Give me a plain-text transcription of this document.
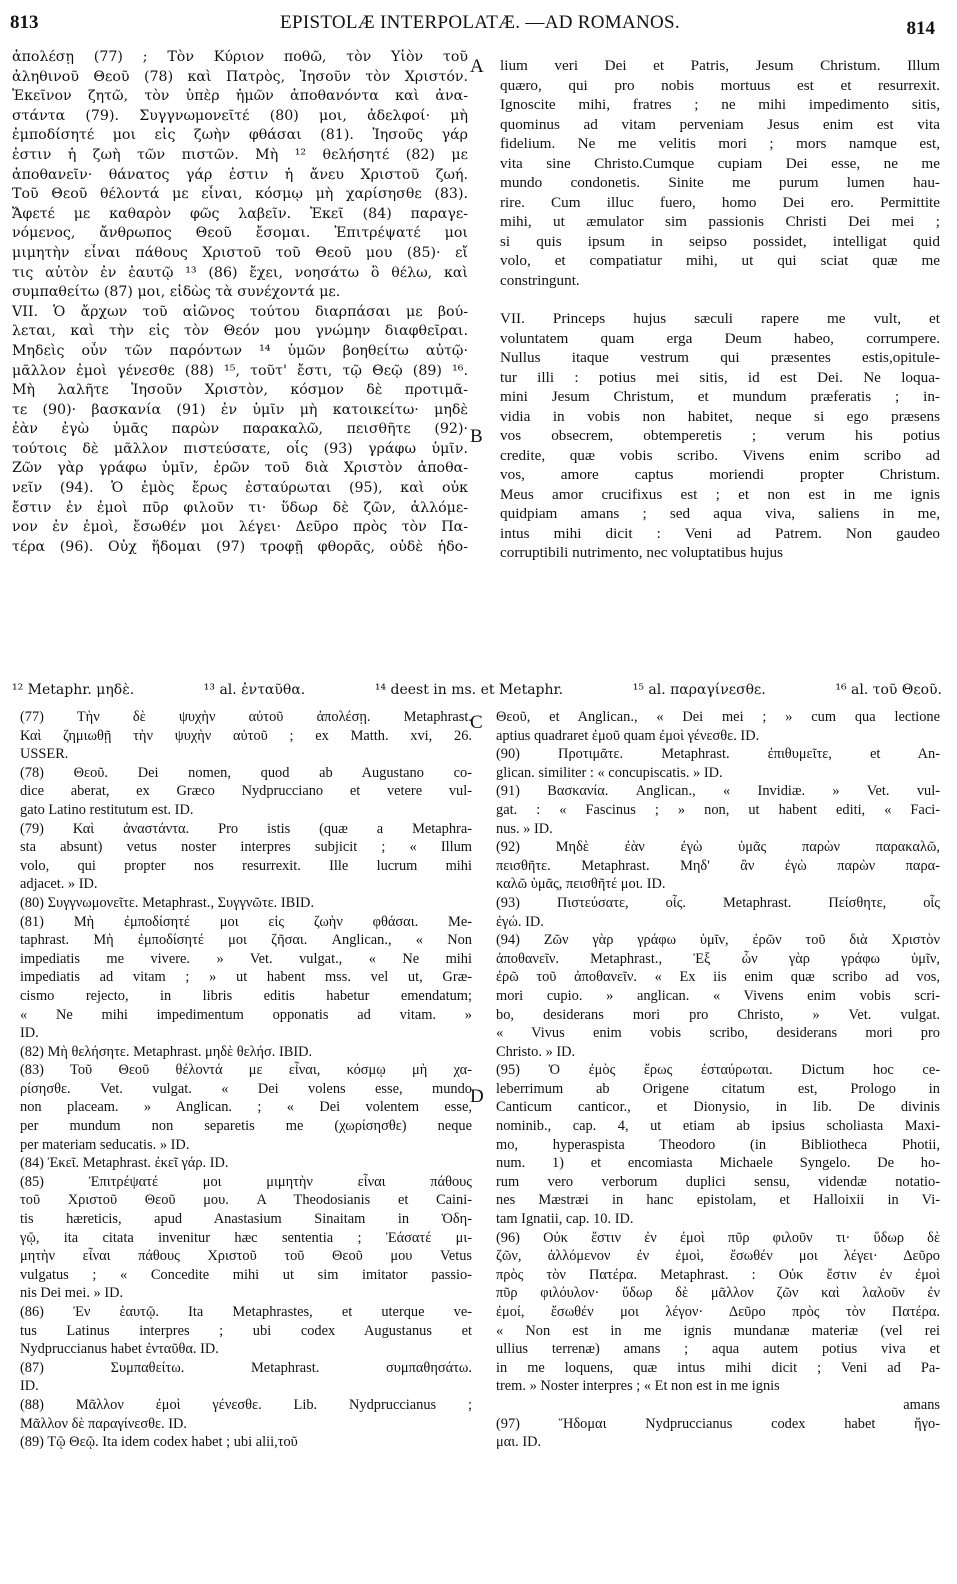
813	EPISTOLÆ INTERPOLATÆ. —AD ROMANOS.	814
ἀπολέσῃ (77) ; Τὸν Κύριον ποθῶ, τὸν Υἱὸν τοῦ
ἀληθινοῦ Θεοῦ (78) καὶ Πατρὸς, Ἰησοῦν τὸν Χριστόν.
Ἐκεῖνον ζητῶ, τὸν ὑπὲρ ἡμῶν ἀποθανόντα καὶ ἀνα-
στάντα (79). Συγγνωμονεῖτέ (80) μοι, ἀδελφοί· μὴ
ἐμποδίσητέ μοι εἰς ζωὴν φθάσαι (81). Ἰησοῦς γάρ
ἐστιν ἡ ζωὴ τῶν πιστῶν. Μὴ ¹² θελήσητέ (82) με
ἀποθανεῖν· θάνατος γάρ ἐστιν ἡ ἄνευ Χριστοῦ ζωή.
Τοῦ Θεοῦ θέλοντά με εἶναι, κόσμῳ μὴ χαρίσησθε (83).
Ἄφετέ με καθαρὸν φῶς λαβεῖν. Ἐκεῖ (84) παραγε-
νόμενος, ἄνθρωπος Θεοῦ ἔσομαι. Ἐπιτρέψατέ μοι
μιμητὴν εἶναι πάθους Χριστοῦ τοῦ Θεοῦ μου (85)· εἴ
τις αὐτὸν ἐν ἑαυτῷ ¹³ (86) ἔχει, νοησάτω ὃ θέλω, καὶ
συμπαθείτω (87) μοι, εἰδὼς τὰ συνέχοντά με.
VII. Ὁ ἄρχων τοῦ αἰῶνος τούτου διαρπάσαι με βού-
λεται, καὶ τὴν εἰς τὸν Θεόν μου γνώμην διαφθεῖραι.
Μηδεὶς οὖν τῶν παρόντων ¹⁴ ὑμῶν βοηθείτω αὐτῷ·
μᾶλλον ἐμοὶ γένεσθε (88) ¹⁵, τοῦτ' ἔστι, τῷ Θεῷ (89) ¹⁶.
Μὴ λαλῆτε Ἰησοῦν Χριστὸν, κόσμον δὲ προτιμᾶ-
τε (90)· βασκανία (91) ἐν ὑμῖν μὴ κατοικείτω· μηδὲ
ἐὰν ἐγὼ ὑμᾶς παρὼν παρακαλῶ, πεισθῆτε (92)·
τούτοις δὲ μᾶλλον πιστεύσατε, οἷς (93) γράφω ὑμῖν.
Ζῶν γὰρ γράφω ὑμῖν, ἐρῶν τοῦ διὰ Χριστὸν ἀποθα-
νεῖν (94). Ὁ ἐμὸς ἔρως ἐσταύρωται (95), καὶ οὐκ
ἔστιν ἐν ἐμοὶ πῦρ φιλοῦν τι· ὕδωρ δὲ ζῶν, ἁλλόμε-
νον ἐν ἐμοὶ, ἔσωθέν μοι λέγει· Δεῦρο πρὸς τὸν Πα-
τέρα (96). Οὐχ ἥδομαι (97) τροφῇ φθορᾶς, οὐδὲ ἡδο-
lium veri Dei et Patris, Jesum Christum. Illum
quæro, qui pro nobis mortuus est et resurrexit.
Ignoscite mihi, fratres ; ne mihi impedimento sitis,
quominus ad vitam perveniam Jesus enim est vita
fidelium. Ne me velitis mori ; mors namque est,
vita sine Christo.Cumque cupiam Dei esse, ne me
mundo condonetis. Sinite me purum lumen hau-
rire. Cum illuc fuero, homo Dei ero. Permittite
mihi, ut æmulator sim passionis Christi Dei mei ;
si quis ipsum in seipso possidet, intelligat quid
volo, et compatiatur mihi, ut qui sciat quæ me
constringunt.

VII. Princeps hujus sæculi rapere me vult, et
voluntatem quam erga Deum habeo, corrumpere.
Nullus itaque vestrum qui præsentes estis,opitule-
tur illi : potius mei sitis, id est Dei. Ne loqua-
mini Jesum Christum, et mundum præferatis ; in-
vidia in vobis non habitet, neque si ego præsens
vos obsecrem, obtemperetis ; verum his potius
credite, quæ vobis scribo. Vivens enim scribo ad
vos, amore captus moriendi propter Christum.
Meus amor crucifixus est ; et non est in me ignis
quidpiam amans ; sed aqua viva, saliens in me,
intus mihi dicit : Veni ad Patrem. Non gaudeo
corruptibili nutrimento, nec voluptatibus hujus
A
B
C
D
¹² Metaphr. μηδὲ.	¹³ al. ἐνταῦθα.	¹⁴ deest in ms. et Metaphr.	¹⁵ al. παραγίνεσθε.	¹⁶ al. τοῦ Θεοῦ.
(77) Τὴν δὲ ψυχὴν αὐτοῦ ἀπολέσῃ. Metaphrast.
Καὶ ζημιωθῇ τὴν ψυχὴν αὐτοῦ ; ex Matth. xvi, 26.
USSER.
(78) Θεοῦ. Dei nomen, quod ab Augustano co-
dice aberat, ex Græco Nydprucciano et vetere vul-
gato Latino restitutum est. ID.
(79) Καὶ ἀναστάντα. Pro istis (quæ a Metaphra-
sta absunt) vetus noster interpres subjicit ; « Illum
volo, qui propter nos resurrexit. Ille lucrum mihi
adjacet. » ID.
(80) Συγγνωμονεῖτε. Metaphrast., Συγγνῶτε. IBID.
(81) Μὴ ἐμποδίσητέ μοι εἰς ζωὴν φθάσαι. Me-
taphrast. Μὴ ἐμποδίσητέ μοι ζῆσαι. Anglican., « Non
impediatis me vivere. » Vet. vulgat., « Ne mihi
impediatis ad vitam ; » ut habent mss. vel ut, Græ-
cismo rejecto, in libris editis habetur emendatum;
« Ne mihi impedimentum opponatis ad vitam. »
ID.
(82) Μὴ θελήσητε. Metaphrast. μηδὲ θελήσ. IBID.
(83) Τοῦ Θεοῦ θέλοντά με εἶναι, κόσμῳ μὴ χα-
ρίσησθε. Vet. vulgat. « Dei volens esse, mundo
non placeam. » Anglican. ; « Dei volentem esse,
per mundum non separetis me (χωρίσησθε) neque
per materiam seducatis. » ID.
(84) Ἐκεῖ. Metaphrast. ἐκεῖ γάρ. ID.
(85) Ἐπιτρέψατέ μοι μιμητὴν εἶναι πάθους
τοῦ Χριστοῦ Θεοῦ μου. A Theodosianis et Caini-
tis hæreticis, apud Anastasium Sinaitam in Ὁδη-
γῷ, ita citata invenitur hæc sententia ; Ἐάσατέ μι-
μητὴν εἶναι πάθους Χριστοῦ τοῦ Θεοῦ μου Vetus
vulgatus ; « Concedite mihi ut sim imitator passio-
nis Dei mei. » ID.
(86) Ἐν ἑαυτῷ. Ita Metaphrastes, et uterque ve-
tus Latinus interpres ; ubi codex Augustanus et
Nydpruccianus habet ἐνταῦθα. ID.
(87) Συμπαθείτω. Metaphrast. συμπαθησάτω.
ID.
(88) Μᾶλλον ἐμοὶ γένεσθε. Lib. Nydpruccianus ;
Μᾶλλον δὲ παραγίνεσθε. ID.
(89) Τῷ Θεῷ. Ita idem codex habet ; ubi alii,τοῦ
Θεοῦ, et Anglican., « Dei mei ; » cum qua lectione
aptius quadraret ἐμοῦ quam ἐμοὶ γένεσθε. ID.
(90) Προτιμᾶτε. Metaphrast. ἐπιθυμεῖτε, et An-
glican. similiter : « concupiscatis. » ID.
(91) Βασκανία. Anglican., « Invidiæ. » Vet. vul-
gat. : « Fascinus ; » non, ut habent editi, « Faci-
nus. » ID.
(92) Μηδὲ ἐὰν ἐγὼ ὑμᾶς παρὼν παρακαλῶ,
πεισθῆτε. Metaphrast. Μηδ' ἂν ἐγὼ παρὼν παρα-
καλῶ ὑμᾶς, πεισθῆτέ μοι. ID.
(93) Πιστεύσατε, οἷς. Metaphrast. Πείσθητε, οἷς
ἐγώ. ID.
(94) Ζῶν γὰρ γράφω ὑμῖν, ἐρῶν τοῦ διὰ Χριστὸν
ἀποθανεῖν. Metaphrast., Ἐξ ὧν γὰρ γράφω ὑμῖν,
ἐρῶ τοῦ ἀποθανεῖν. « Ex iis enim quæ scribo ad vos,
mori cupio. » anglican. « Vivens enim vobis scri-
bo, desiderans mori pro Christo, » Vet. vulgat.
« Vivus enim vobis scribo, desiderans mori pro
Christo. » ID.
(95) Ὁ ἐμὸς ἔρως ἐσταύρωται. Dictum hoc ce-
leberrimum ab Origene citatum est, Prologo in
Canticum canticor., et Dionysio, in lib. De divinis
nominib., cap. 4, ut etiam ab ipsius scholiasta Maxi-
mo, hyperaspista Theodoro (in Bibliotheca Photii,
num. 1) et encomiasta Michaele Syngelo. De ho-
rum vero verborum duplici sensu, videndæ notatio-
nes Mæstræi in hanc epistolam, et Halloixii in Vi-
tam Ignatii, cap. 10. ID.
(96) Οὐκ ἔστιν ἐν ἐμοὶ πῦρ φιλοῦν τι· ὕδωρ δὲ
ζῶν, ἁλλόμενον ἐν ἐμοὶ, ἔσωθέν μοι λέγει· Δεῦρο
πρὸς τὸν Πατέρα. Metaphrast. : Οὐκ ἔστιν ἐν ἐμοὶ
πῦρ φιλόυλον· ὕδωρ δὲ μᾶλλον ζῶν καὶ λαλοῦν ἐν
ἐμοί, ἔσωθέν μοι λέγον· Δεῦρο πρὸς τὸν Πατέρα.
« Non est in me ignis mundanæ materiæ (vel rei
ullius terrenæ) amans ; aqua autem potius viva et
in me loquens, quæ intus mihi dicit ; Veni ad Pa-
trem. » Noster interpres ; « Et non est in me ignis
amans
(97) Ἥδομαι Nydpruccianus codex habet ἥγο-
μαι. ID.
